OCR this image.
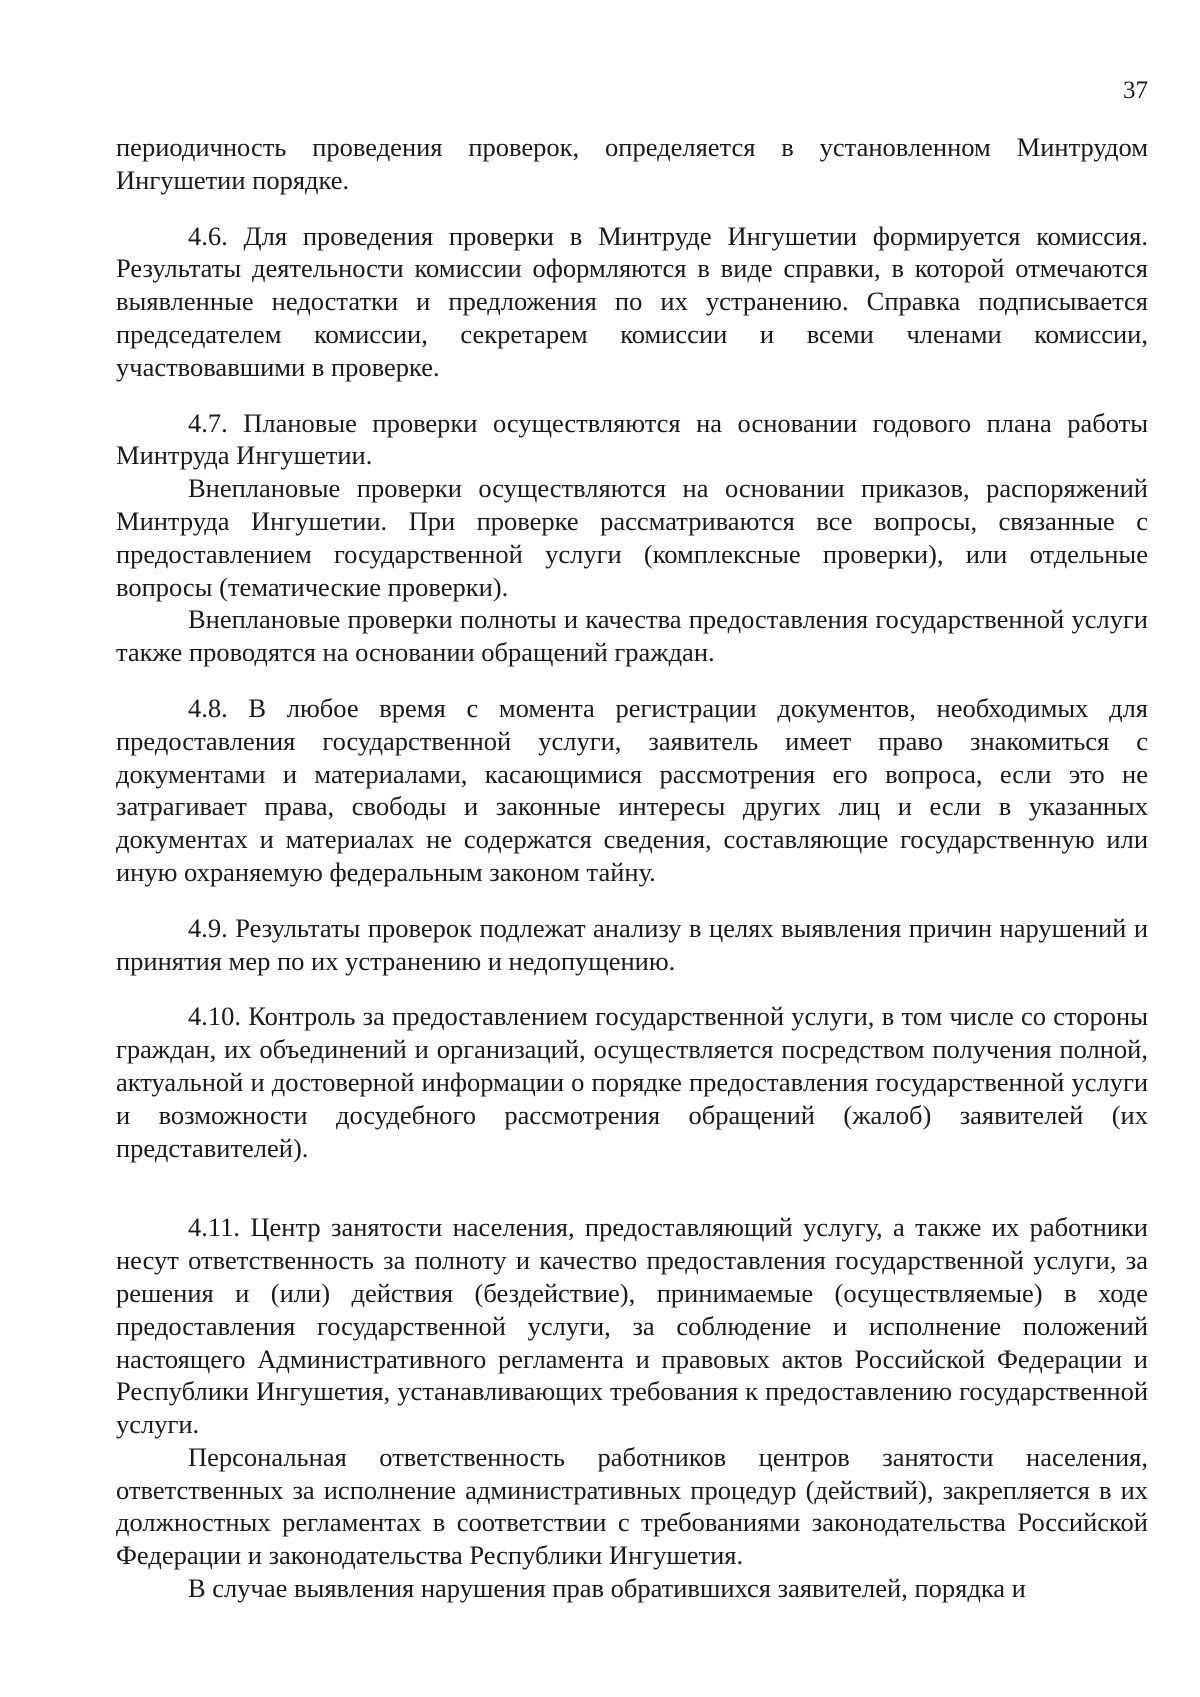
37

периодичность проведения проверок, определяется в установленном Минтрудом Ингушетии порядке.

4.6. Для проведения проверки в Минтруде Ингушетии формируется комиссия. Результаты деятельности комиссии оформляются в виде справки, в которой отмечаются выявленные недостатки и предложения по их устранению. Справка подписывается председателем комиссии, секретарем комиссии и всеми членами комиссии, участвовавшими в проверке.

4.7. Плановые проверки осуществляются на основании годового плана работы Минтруда Ингушетии.

Внеплановые проверки осуществляются на основании приказов, распоряжений Минтруда Ингушетии. При проверке рассматриваются все вопросы, связанные с предоставлением государственной услуги (комплексные проверки), или отдельные вопросы (тематические проверки).

Внеплановые проверки полноты и качества предоставления государственной услуги также проводятся на основании обращений граждан.

4.8. В любое время с момента регистрации документов, необходимых для предоставления государственной услуги, заявитель имеет право знакомиться с документами и материалами, касающимися рассмотрения его вопроса, если это не затрагивает права, свободы и законные интересы других лиц и если в указанных документах и материалах не содержатся сведения, составляющие государственную или иную охраняемую федеральным законом тайну.

4.9. Результаты проверок подлежат анализу в целях выявления причин нарушений и принятия мер по их устранению и недопущению.

4.10. Контроль за предоставлением государственной услуги, в том числе со стороны граждан, их объединений и организаций, осуществляется посредством получения полной, актуальной и достоверной информации о порядке предоставления государственной услуги и возможности досудебного рассмотрения обращений (жалоб) заявителей (их представителей).

4.11. Центр занятости населения, предоставляющий услугу, а также их работники несут ответственность за полноту и качество предоставления государственной услуги, за решения и (или) действия (бездействие), принимаемые (осуществляемые) в ходе предоставления государственной услуги, за соблюдение и исполнение положений настоящего Административного регламента и правовых актов Российской Федерации и Республики Ингушетия, устанавливающих требования к предоставлению государственной услуги.

Персональная ответственность работников центров занятости населения, ответственных за исполнение административных процедур (действий), закрепляется в их должностных регламентах в соответствии с требованиями законодательства Российской Федерации и законодательства Республики Ингушетия.

В случае выявления нарушения прав обратившихся заявителей, порядка и
